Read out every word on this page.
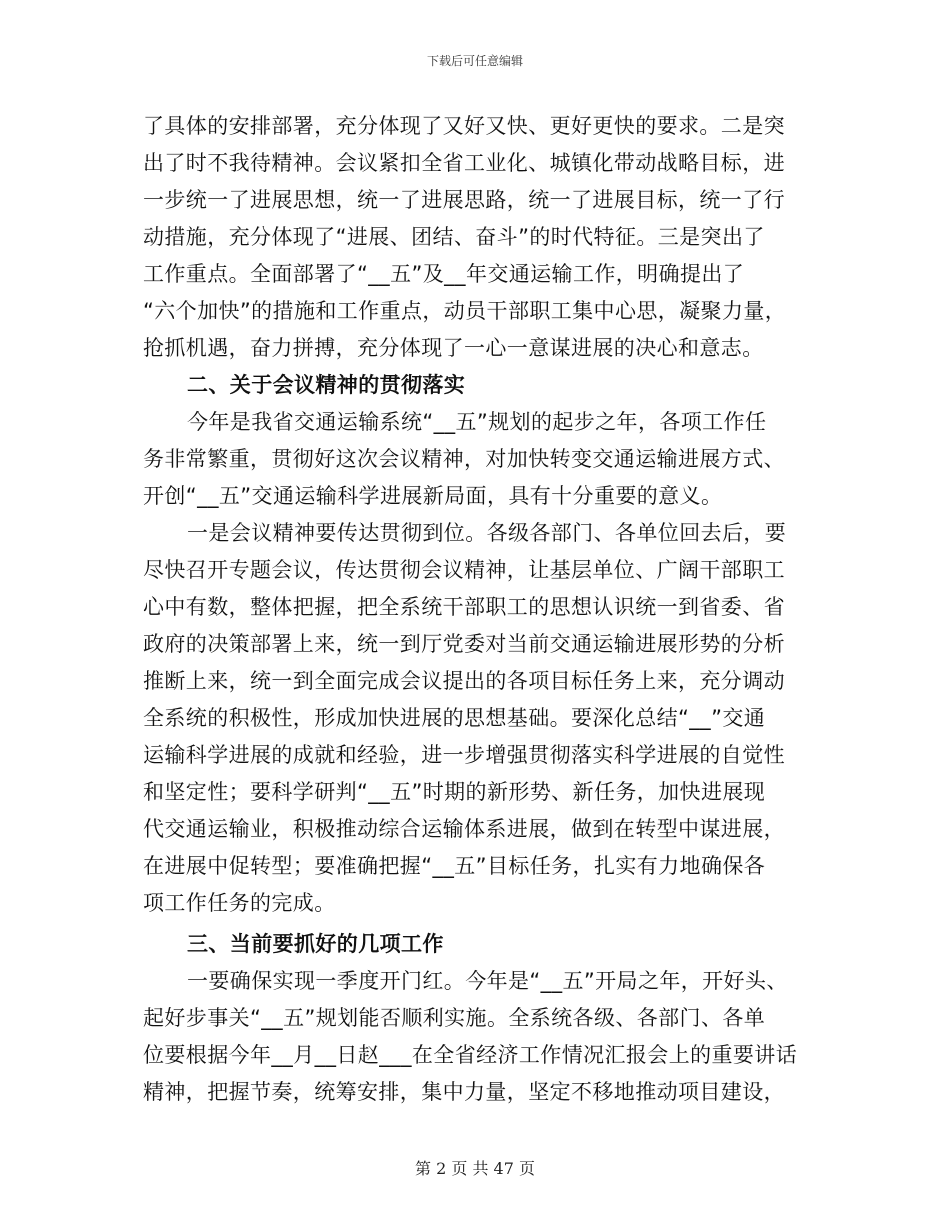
下载后可任意编辑
了具体的安排部署，充分体现了又好又快、更好更快的要求。二是突
出了时不我待精神。会议紧扣全省工业化、城镇化带动战略目标，进
一步统一了进展思想，统一了进展思路，统一了进展目标，统一了行
动措施，充分体现了“进展、团结、奋斗”的时代特征。三是突出了
工作重点。全面部署了“__五”及__年交通运输工作，明确提出了
“六个加快”的措施和工作重点，动员干部职工集中心思，凝聚力量，
抢抓机遇，奋力拼搏，充分体现了一心一意谋进展的决心和意志。
二、关于会议精神的贯彻落实
今年是我省交通运输系统“__五”规划的起步之年，各项工作任
务非常繁重，贯彻好这次会议精神，对加快转变交通运输进展方式、
开创“__五”交通运输科学进展新局面，具有十分重要的意义。
一是会议精神要传达贯彻到位。各级各部门、各单位回去后，要
尽快召开专题会议，传达贯彻会议精神，让基层单位、广阔干部职工
心中有数，整体把握，把全系统干部职工的思想认识统一到省委、省
政府的决策部署上来，统一到厅党委对当前交通运输进展形势的分析
推断上来，统一到全面完成会议提出的各项目标任务上来，充分调动
全系统的积极性，形成加快进展的思想基础。要深化总结“__”交通
运输科学进展的成就和经验，进一步增强贯彻落实科学进展的自觉性
和坚定性；要科学研判“__五”时期的新形势、新任务，加快进展现
代交通运输业，积极推动综合运输体系进展，做到在转型中谋进展，
在进展中促转型；要准确把握“__五”目标任务，扎实有力地确保各
项工作任务的完成。
三、当前要抓好的几项工作
一要确保实现一季度开门红。今年是“__五”开局之年，开好头、
起好步事关“__五”规划能否顺利实施。全系统各级、各部门、各单
位要根据今年__月__日赵___在全省经济工作情况汇报会上的重要讲话
精神，把握节奏，统筹安排，集中力量，坚定不移地推动项目建设，
第 2 页 共 47 页
